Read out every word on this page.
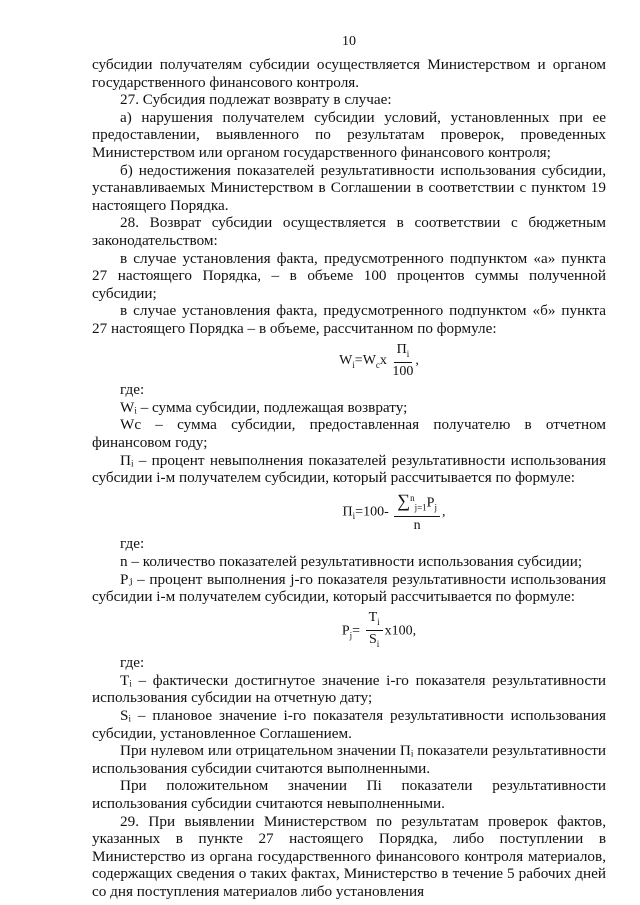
10

субсидии получателям субсидии осуществляется Министерством и органом государственного финансового контроля.

27. Субсидия подлежат возврату в случае:

а) нарушения получателем субсидии условий, установленных при ее предоставлении, выявленного по результатам проверок, проведенных Министерством или органом государственного финансового контроля;

б) недостижения показателей результативности использования субсидии, устанавливаемых Министерством в Соглашении в соответствии с пунктом 19 настоящего Порядка.

28. Возврат субсидии осуществляется в соответствии с бюджетным законодательством:

в случае установления факта, предусмотренного подпунктом «а» пункта 27 настоящего Порядка, – в объеме 100 процентов суммы полученной субсидии;

в случае установления факта, предусмотренного подпунктом «б» пункта 27 настоящего Порядка – в объеме, рассчитанном по формуле:

$W_i=W_cx \frac{П_i}{100}$ ,

где:

Wᵢ – сумма субсидии, подлежащая возврату;

Wc – сумма субсидии, предоставленная получателю в отчетном финансовом году;

Пᵢ – процент невыполнения показателей результативности использования субсидии i-м получателем субсидии, который рассчитывается по формуле:

$П_i=100- \frac{\sum^n_{j=1}P_j}{n}$ ,

где:

n – количество показателей результативности использования субсидии;

Pⱼ – процент выполнения j-го показателя результативности использования субсидии i-м получателем субсидии, который рассчитывается по формуле:

$P_j= \frac{T_i}{S_i} x100$,

где:

Tᵢ – фактически достигнутое значение i-го показателя результативности использования субсидии на отчетную дату;

Sᵢ – плановое значение i-го показателя результативности использования субсидии, установленное Соглашением.

При нулевом или отрицательном значении Пᵢ показатели результативности использования субсидии считаются выполненными.

При положительном значении Пi показатели результативности использования субсидии считаются невыполненными.

29. При выявлении Министерством по результатам проверок фактов, указанных в пункте 27 настоящего Порядка, либо поступлении в Министерство из органа государственного финансового контроля материалов, содержащих сведения о таких фактах, Министерство в течение 5 рабочих дней со дня поступления материалов либо установления
